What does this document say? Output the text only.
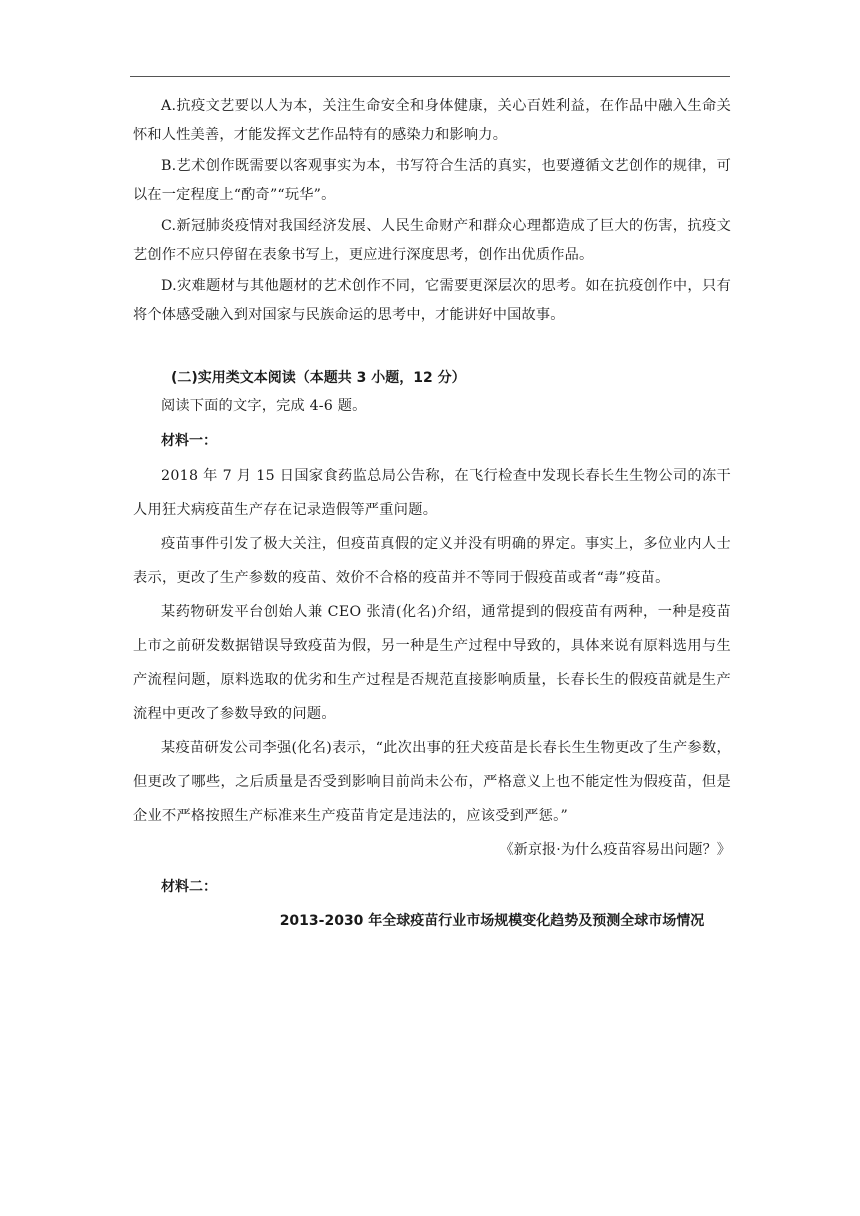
A.抗疫文艺要以人为本，关注生命安全和身体健康，关心百姓利益，在作品中融入生命关怀和人性美善，才能发挥文艺作品特有的感染力和影响力。

B.艺术创作既需要以客观事实为本，书写符合生活的真实，也要遵循文艺创作的规律，可以在一定程度上“酌奇”“玩华”。

C.新冠肺炎疫情对我国经济发展、人民生命财产和群众心理都造成了巨大的伤害，抗疫文艺创作不应只停留在表象书写上，更应进行深度思考，创作出优质作品。

D.灾难题材与其他题材的艺术创作不同，它需要更深层次的思考。如在抗疫创作中，只有将个体感受融入到对国家与民族命运的思考中，才能讲好中国故事。

(二)实用类文本阅读（本题共 3 小题，12 分）

阅读下面的文字，完成 4-6 题。

材料一：

2018 年 7 月 15 日国家食药监总局公告称，在飞行检查中发现长春长生生物公司的冻干人用狂犬病疫苗生产存在记录造假等严重问题。

疫苗事件引发了极大关注，但疫苗真假的定义并没有明确的界定。事实上，多位业内人士表示，更改了生产参数的疫苗、效价不合格的疫苗并不等同于假疫苗或者“毒”疫苗。

某药物研发平台创始人兼 CEO 张清(化名)介绍，通常提到的假疫苗有两种，一种是疫苗上市之前研发数据错误导致疫苗为假，另一种是生产过程中导致的，具体来说有原料选用与生产流程问题，原料选取的优劣和生产过程是否规范直接影响质量，长春长生的假疫苗就是生产流程中更改了参数导致的问题。

某疫苗研发公司李强(化名)表示，“此次出事的狂犬疫苗是长春长生生物更改了生产参数，但更改了哪些，之后质量是否受到影响目前尚未公布，严格意义上也不能定性为假疫苗，但是企业不严格按照生产标准来生产疫苗肯定是违法的，应该受到严惩。”

《新京报·为什么疫苗容易出问题？》

材料二：

2013-2030 年全球疫苗行业市场规模变化趋势及预测全球市场情况
